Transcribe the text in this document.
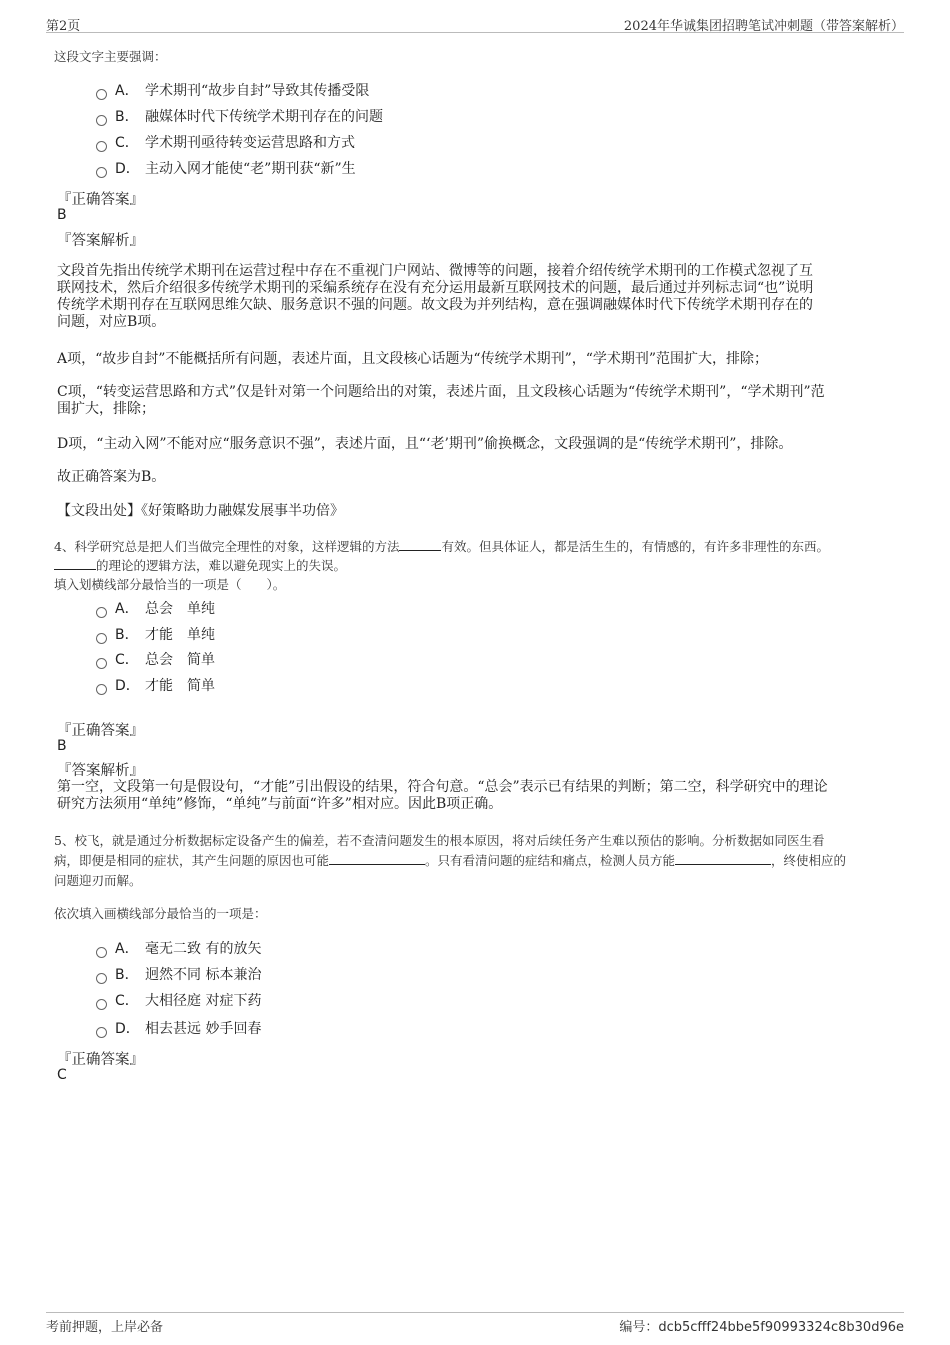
第2页	2024年华诚集团招聘笔试冲刺题（带答案解析）
这段文字主要强调：
A． 学术期刊“故步自封”导致其传播受限
B． 融媒体时代下传统学术期刊存在的问题
C． 学术期刊亟待转变运营思路和方式
D． 主动入网才能使“老”期刊获“新”生
『正确答案』
B
『答案解析』
文段首先指出传统学术期刊在运营过程中存在不重视门户网站、微博等的问题，接着介绍传统学术期刊的工作模式忽视了互
联网技术，然后介绍很多传统学术期刊的采编系统存在没有充分运用最新互联网技术的问题，最后通过并列标志词“也”说明
传统学术期刊存在互联网思维欠缺、服务意识不强的问题。故文段为并列结构，意在强调融媒体时代下传统学术期刊存在的
问题，对应B项。
A项，“故步自封”不能概括所有问题，表述片面，且文段核心话题为“传统学术期刊”，“学术期刊”范围扩大，排除；
C项，“转变运营思路和方式”仅是针对第一个问题给出的对策，表述片面，且文段核心话题为“传统学术期刊”，“学术期刊”范
围扩大，排除；
D项，“主动入网”不能对应“服务意识不强”，表述片面，且“‘老’期刊”偷换概念，文段强调的是“传统学术期刊”，排除。
故正确答案为B。
【文段出处】《好策略助力融媒发展事半功倍》
4、科学研究总是把人们当做完全理性的对象，这样逻辑的方法	有效。但具体证人，都是活生生的，有情感的，有许多非理性的东西。
的理论的逻辑方法，难以避免现实上的失误。
填入划横线部分最恰当的一项是（　　）。
A． 总会　单纯
B． 才能　单纯
C． 总会　简单
D． 才能　简单
『正确答案』
B
『答案解析』
第一空，文段第一句是假设句，“才能”引出假设的结果，符合句意。“总会”表示已有结果的判断；第二空，科学研究中的理论
研究方法须用“单纯”修饰，“单纯”与前面“许多”相对应。因此B项正确。
5、校飞，就是通过分析数据标定设备产生的偏差，若不查清问题发生的根本原因，将对后续任务产生难以预估的影响。分析数据如同医生看
病，即便是相同的症状，其产生问题的原因也可能	。只有看清问题的症结和痛点，检测人员方能	，终使相应的
问题迎刃而解。
依次填入画横线部分最恰当的一项是：
A． 毫无二致 有的放矢
B． 迥然不同 标本兼治
C． 大相径庭 对症下药
D． 相去甚远 妙手回春
『正确答案』
C
考前押题，上岸必备	编号：dcb5cfff24bbe5f90993324c8b30d96e
